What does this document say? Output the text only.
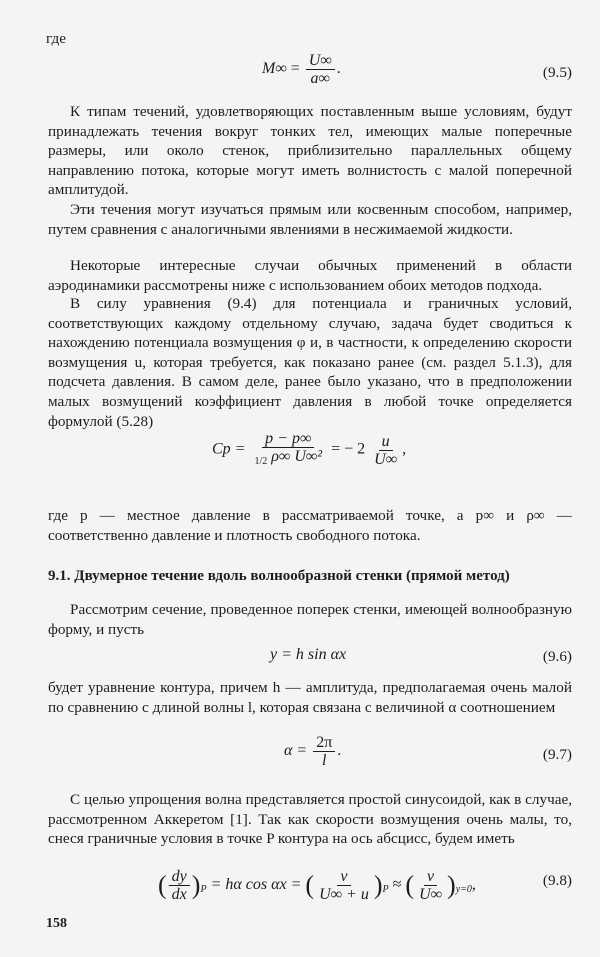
где
$M\infty = \frac{U\infty}{a\infty}$ .	(9.5)
К типам течений, удовлетворяющих поставленным выше условиям, будут принадлежать течения вокруг тонких тел, имеющих малые поперечные размеры, или около стенок, приблизительно параллельных общему направлению потока, которые могут иметь волнистость с малой поперечной амплитудой.
Эти течения могут изучаться прямым или косвенным способом, например, путем сравнения с аналогичными явлениями в несжимаемой жидкости.
Некоторые интересные случаи обычных применений в области аэродинамики рассмотрены ниже с использованием обоих методов подхода.
В силу уравнения (9.4) для потенциала и граничных условий, соответствующих каждому отдельному случаю, задача будет сводиться к нахождению потенциала возмущения φ и, в частности, к определению скорости возмущения u, которая требуется, как показано ранее (см. раздел 5.1.3), для подсчета давления. В самом деле, ранее было указано, что в предположении малых возмущений коэффициент давления в любой точке определяется формулой (5.28)
$Cp = \frac{p - p\infty}{_{1/2} \rho\infty U\infty^2}$ = − $2 \frac{u}{U\infty}$ ,
где p — местное давление в рассматриваемой точке, а p∞ и ρ∞ — соответственно давление и плотность свободного потока.
9.1. Двумерное течение вдоль волнообразной стенки (прямой метод)
Рассмотрим сечение, проведенное поперек стенки, имеющей волнообразную форму, и пусть
y = h sin αx	(9.6)
будет уравнение контура, причем h — амплитуда, предполагаемая очень малой по сравнению с длиной волны l, которая связана с величиной α соотношением
$\alpha = \frac{2\pi}{l}$ .	(9.7)
С целью упрощения волна представляется простой синусоидой, как в случае, рассмотренном Аккеретом [1]. Так как скорости возмущения очень малы, то, снеся граничные условия в точке P контура на ось абсцисс, будем иметь
( $\frac{dy}{dx} )_P = h\alpha$ cos αx = ( $\frac{v}{U\infty + u} )_P$ ≈ ( $\frac{v}{U\infty} )_{y=0}$,	(9.8)
158
